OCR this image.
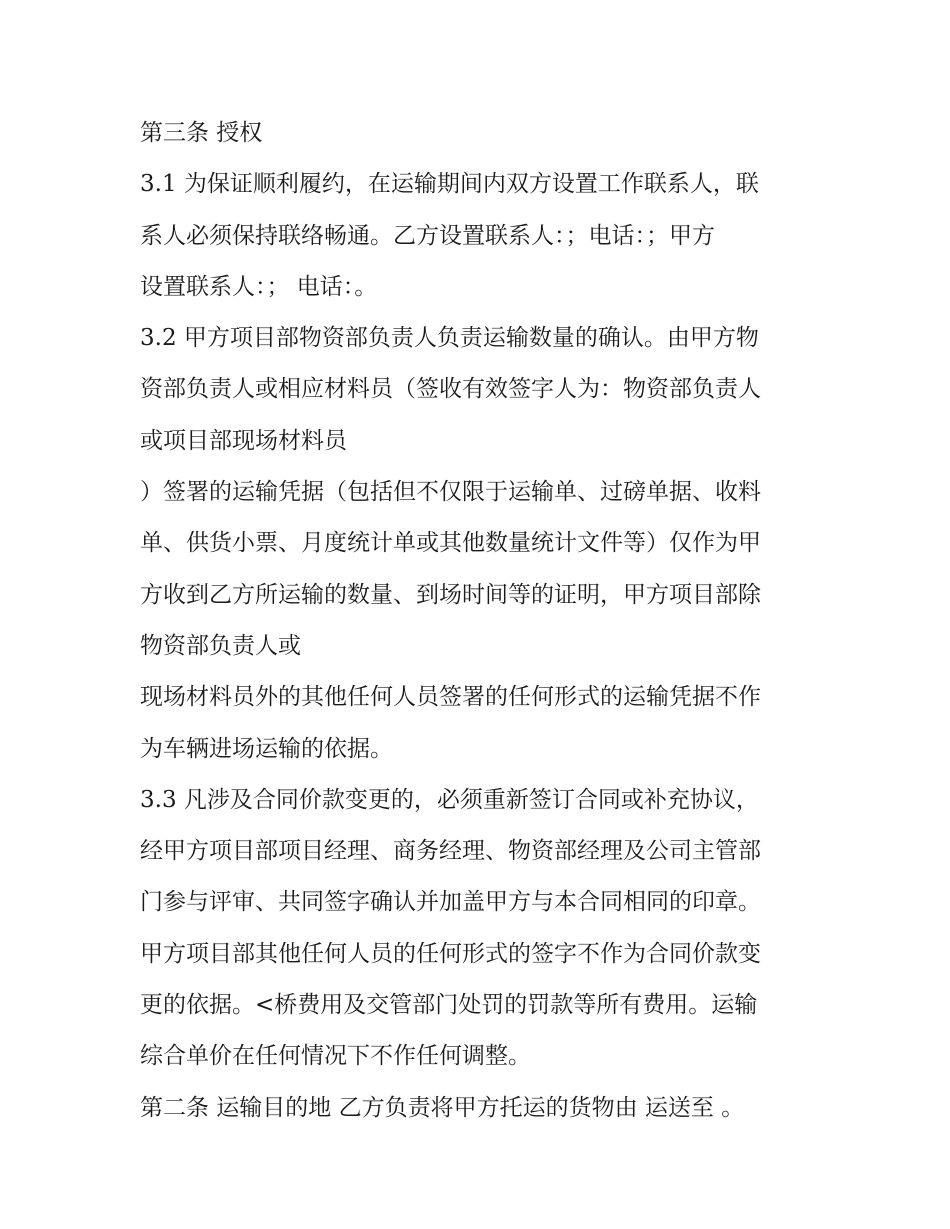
第三条 授权
3.1 为保证顺利履约，在运输期间内双方设置工作联系人，联
系人必须保持联络畅通。乙方设置联系人：；电话：；甲方
设置联系人：； 电话：。
3.2 甲方项目部物资部负责人负责运输数量的确认。由甲方物
资部负责人或相应材料员（签收有效签字人为：物资部负责人
或项目部现场材料员
）签署的运输凭据（包括但不仅限于运输单、过磅单据、收料
单、供货小票、月度统计单或其他数量统计文件等）仅作为甲
方收到乙方所运输的数量、到场时间等的证明，甲方项目部除
物资部负责人或
现场材料员外的其他任何人员签署的任何形式的运输凭据不作
为车辆进场运输的依据。
3.3 凡涉及合同价款变更的，必须重新签订合同或补充协议，
经甲方项目部项目经理、商务经理、物资部经理及公司主管部
门参与评审、共同签字确认并加盖甲方与本合同相同的印章。
甲方项目部其他任何人员的任何形式的签字不作为合同价款变
更的依据。<桥费用及交管部门处罚的罚款等所有费用。运输
综合单价在任何情况下不作任何调整。
第二条 运输目的地 乙方负责将甲方托运的货物由 运送至 。
